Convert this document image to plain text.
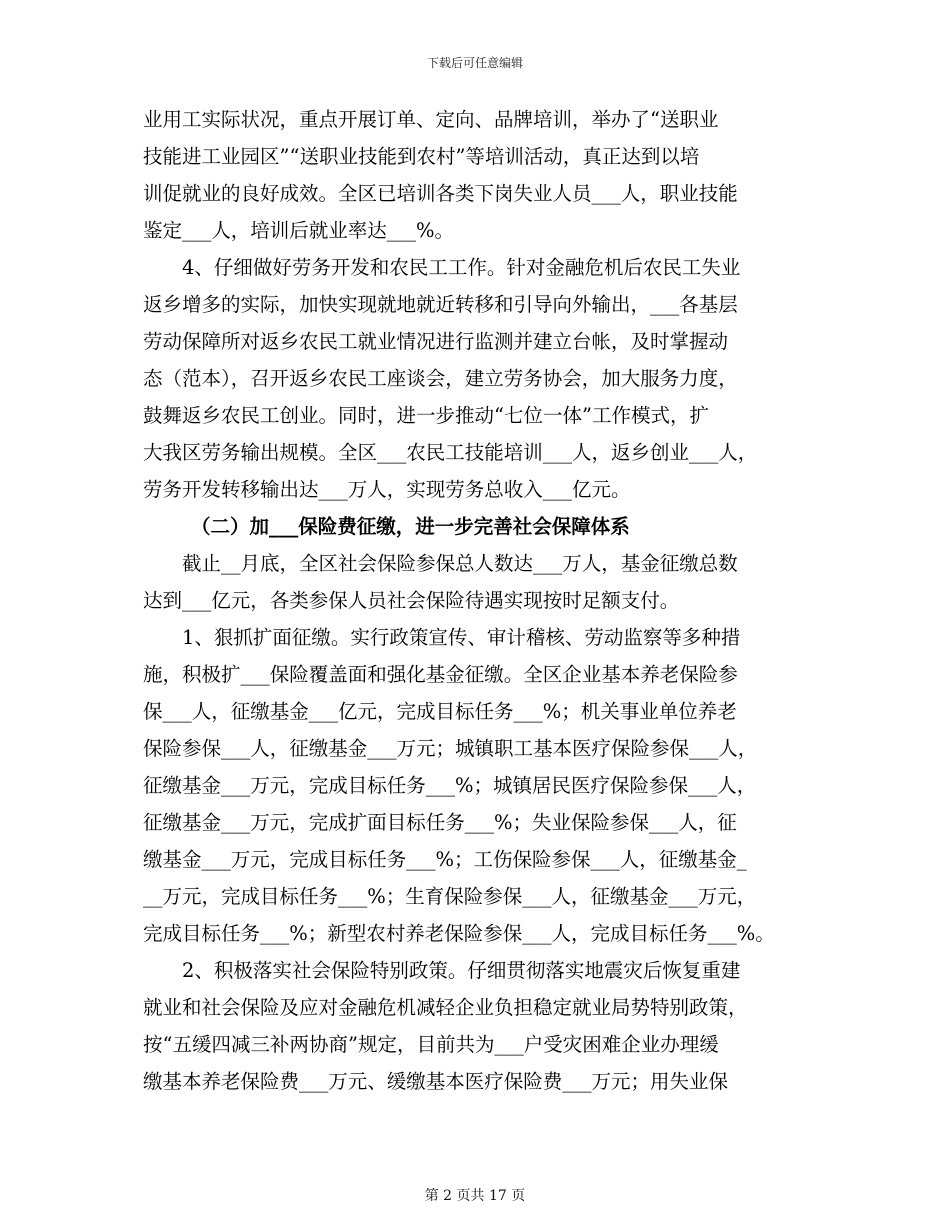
下载后可任意编辑
业用工实际状况，重点开展订单、定向、品牌培训，举办了“送职业
技能进工业园区”“送职业技能到农村”等培训活动，真正达到以培
训促就业的良好成效。全区已培训各类下岗失业人员___人，职业技能
鉴定___人，培训后就业率达___%。
4、仔细做好劳务开发和农民工工作。针对金融危机后农民工失业
返乡增多的实际，加快实现就地就近转移和引导向外输出，___各基层
劳动保障所对返乡农民工就业情况进行监测并建立台帐，及时掌握动
态（范本），召开返乡农民工座谈会，建立劳务协会，加大服务力度，
鼓舞返乡农民工创业。同时，进一步推动“七位一体”工作模式，扩
大我区劳务输出规模。全区___农民工技能培训___人，返乡创业___人，
劳务开发转移输出达___万人，实现劳务总收入___亿元。
（二）加___保险费征缴，进一步完善社会保障体系
截止__月底，全区社会保险参保总人数达___万人，基金征缴总数
达到___亿元，各类参保人员社会保险待遇实现按时足额支付。
1、狠抓扩面征缴。实行政策宣传、审计稽核、劳动监察等多种措
施，积极扩___保险覆盖面和强化基金征缴。全区企业基本养老保险参
保___人，征缴基金___亿元，完成目标任务___%；机关事业单位养老
保险参保___人，征缴基金___万元；城镇职工基本医疗保险参保___人，
征缴基金___万元，完成目标任务___%；城镇居民医疗保险参保___人，
征缴基金___万元，完成扩面目标任务___%；失业保险参保___人，征
缴基金___万元，完成目标任务___%；工伤保险参保___人，征缴基金_
__万元，完成目标任务___%；生育保险参保___人，征缴基金___万元，
完成目标任务___%；新型农村养老保险参保___人，完成目标任务___%。
2、积极落实社会保险特别政策。仔细贯彻落实地震灾后恢复重建
就业和社会保险及应对金融危机减轻企业负担稳定就业局势特别政策，
按“五缓四减三补两协商”规定，目前共为___户受灾困难企业办理缓
缴基本养老保险费___万元、缓缴基本医疗保险费___万元；用失业保
第 2 页共 17 页
